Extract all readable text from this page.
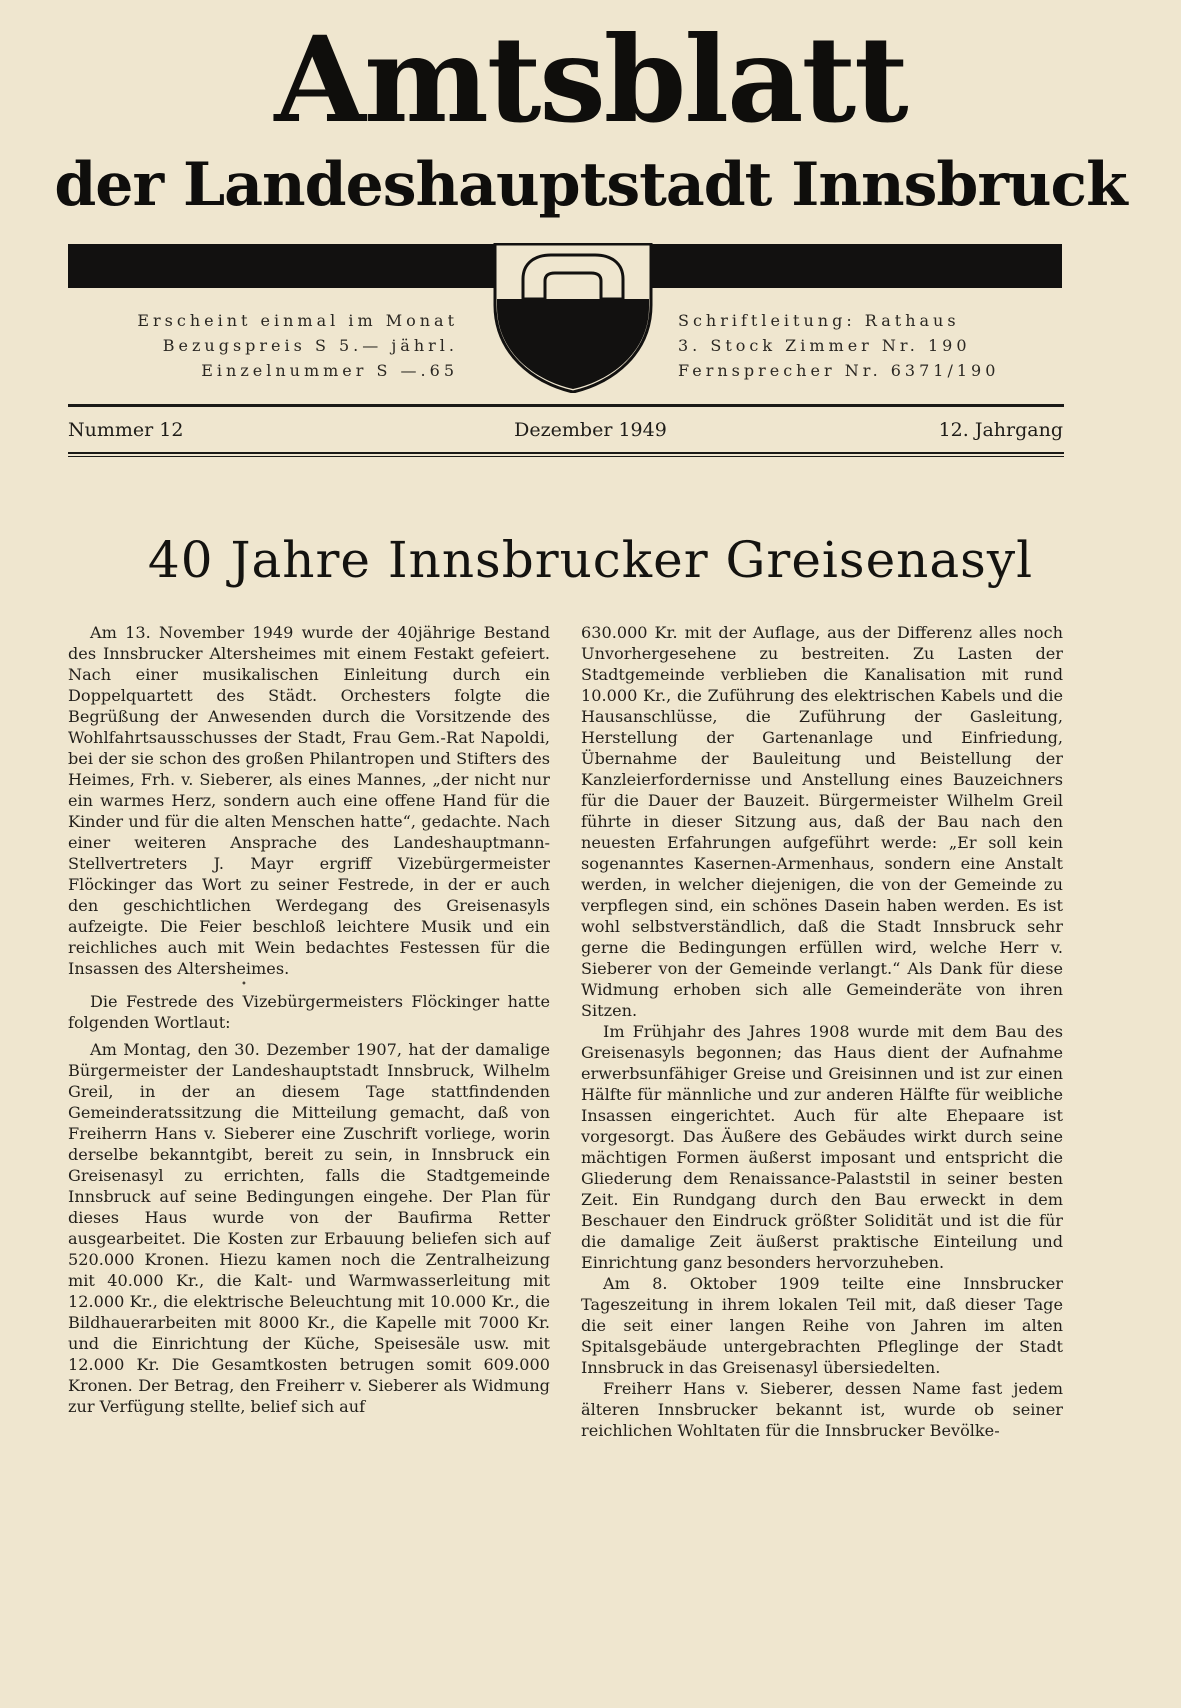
Amtsblatt
der Landeshauptstadt Innsbruck
Erscheint einmal im Monat
Bezugspreis S 5.— jährl.
Einzelnummer S —.65
Schriftleitung: Rathaus
3. Stock Zimmer Nr. 190
Fernsprecher Nr. 6371/190
Dezember 1949
Nummer 12	12. Jahrgang
40 Jahre Innsbrucker Greisenasyl

Am 13. November 1949 wurde der 40jährige Bestand des Innsbrucker Altersheimes mit einem Festakt gefeiert. Nach einer musikalischen Einleitung durch ein Doppelquartett des Städt. Orchesters folgte die Begrüßung der Anwesenden durch die Vorsitzende des Wohlfahrtsausschusses der Stadt, Frau Gem.-Rat Napoldi, bei der sie schon des großen Philantropen und Stifters des Heimes, Frh. v. Sieberer, als eines Mannes, „der nicht nur ein warmes Herz, sondern auch eine offene Hand für die Kinder und für die alten Menschen hatte“, gedachte. Nach einer weiteren Ansprache des Landeshauptmann-Stellvertreters J. Mayr ergriff Vizebürgermeister Flöckinger das Wort zu seiner Festrede, in der er auch den geschichtlichen Werdegang des Greisenasyls aufzeigte. Die Feier beschloß leichtere Musik und ein reichliches auch mit Wein bedachtes Festessen für die Insassen des Altersheimes.

•

Die Festrede des Vizebürgermeisters Flöckinger hatte folgenden Wortlaut:

Am Montag, den 30. Dezember 1907, hat der damalige Bürgermeister der Landeshauptstadt Innsbruck, Wilhelm Greil, in der an diesem Tage stattfindenden Gemeinderatssitzung die Mitteilung gemacht, daß von Freiherrn Hans v. Sieberer eine Zuschrift vorliege, worin derselbe bekanntgibt, bereit zu sein, in Innsbruck ein Greisenasyl zu errichten, falls die Stadtgemeinde Innsbruck auf seine Bedingungen eingehe. Der Plan für dieses Haus wurde von der Baufirma Retter ausgearbeitet. Die Kosten zur Erbauung beliefen sich auf 520.000 Kronen. Hiezu kamen noch die Zentralheizung mit 40.000 Kr., die Kalt- und Warmwasserleitung mit 12.000 Kr., die elektrische Beleuchtung mit 10.000 Kr., die Bildhauerarbeiten mit 8000 Kr., die Kapelle mit 7000 Kr. und die Einrichtung der Küche, Speisesäle usw. mit 12.000 Kr. Die Gesamtkosten betrugen somit 609.000 Kronen. Der Betrag, den Freiherr v. Sieberer als Widmung zur Verfügung stellte, belief sich auf

630.000 Kr. mit der Auflage, aus der Differenz alles noch Unvorhergesehene zu bestreiten. Zu Lasten der Stadtgemeinde verblieben die Kanalisation mit rund 10.000 Kr., die Zuführung des elektrischen Kabels und die Hausanschlüsse, die Zuführung der Gasleitung, Herstellung der Gartenanlage und Einfriedung, Übernahme der Bauleitung und Beistellung der Kanzleierfordernisse und Anstellung eines Bauzeichners für die Dauer der Bauzeit. Bürgermeister Wilhelm Greil führte in dieser Sitzung aus, daß der Bau nach den neuesten Erfahrungen aufgeführt werde: „Er soll kein sogenanntes Kasernen-Armenhaus, sondern eine Anstalt werden, in welcher diejenigen, die von der Gemeinde zu verpflegen sind, ein schönes Dasein haben werden. Es ist wohl selbstverständlich, daß die Stadt Innsbruck sehr gerne die Bedingungen erfüllen wird, welche Herr v. Sieberer von der Gemeinde verlangt.“ Als Dank für diese Widmung erhoben sich alle Gemeinderäte von ihren Sitzen.

Im Frühjahr des Jahres 1908 wurde mit dem Bau des Greisenasyls begonnen; das Haus dient der Aufnahme erwerbsunfähiger Greise und Greisinnen und ist zur einen Hälfte für männliche und zur anderen Hälfte für weibliche Insassen eingerichtet. Auch für alte Ehepaare ist vorgesorgt. Das Äußere des Gebäudes wirkt durch seine mächtigen Formen äußerst imposant und entspricht die Gliederung dem Renaissance-Palaststil in seiner besten Zeit. Ein Rundgang durch den Bau erweckt in dem Beschauer den Eindruck größter Solidität und ist die für die damalige Zeit äußerst praktische Einteilung und Einrichtung ganz besonders hervorzuheben.

Am 8. Oktober 1909 teilte eine Innsbrucker Tageszeitung in ihrem lokalen Teil mit, daß dieser Tage die seit einer langen Reihe von Jahren im alten Spitalsgebäude untergebrachten Pfleglinge der Stadt Innsbruck in das Greisenasyl übersiedelten.

Freiherr Hans v. Sieberer, dessen Name fast jedem älteren Innsbrucker bekannt ist, wurde ob seiner reichlichen Wohltaten für die Innsbrucker Bevölke-
